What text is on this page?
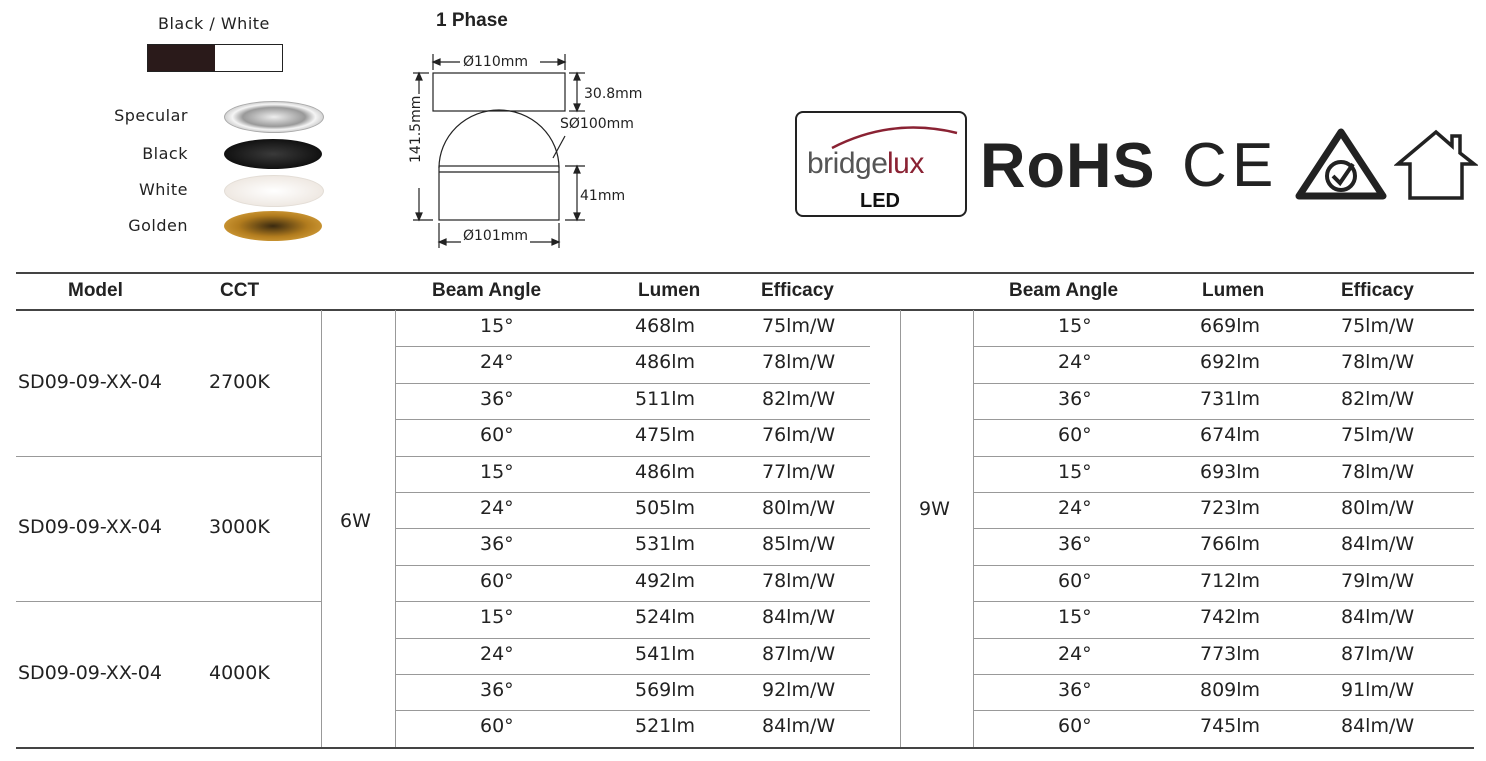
Black / White
Specular
Black
White
Golden
1 Phase
Ø110mm
30.8mm
141.5mm	SØ100mm
41mm
Ø101mm
bridge lux
LED RoHS C E
Model	CCT	Beam Angle	Lumen	Efficacy	Beam Angle	Lumen	Efficacy
6W
9W
SD09-09-XX-04 2700K
15°	468lm	75lm/W	15°	669lm	75lm/W
24°	486lm	78lm/W	24°	692lm	78lm/W
36°	511lm	82lm/W	36°	731lm	82lm/W
60°	475lm	76lm/W	60°	674lm	75lm/W
SD09-09-XX-04 3000K
15°	486lm	77lm/W	15°	693lm	78lm/W
24°	505lm	80lm/W	24°	723lm	80lm/W
36°	531lm	85lm/W	36°	766lm	84lm/W
60°	492lm	78lm/W	60°	712lm	79lm/W
SD09-09-XX-04 4000K
15°	524lm	84lm/W	15°	742lm	84lm/W
24°	541lm	87lm/W	24°	773lm	87lm/W
36°	569lm	92lm/W	36°	809lm	91lm/W
60°	521lm	84lm/W	60°	745lm	84lm/W
